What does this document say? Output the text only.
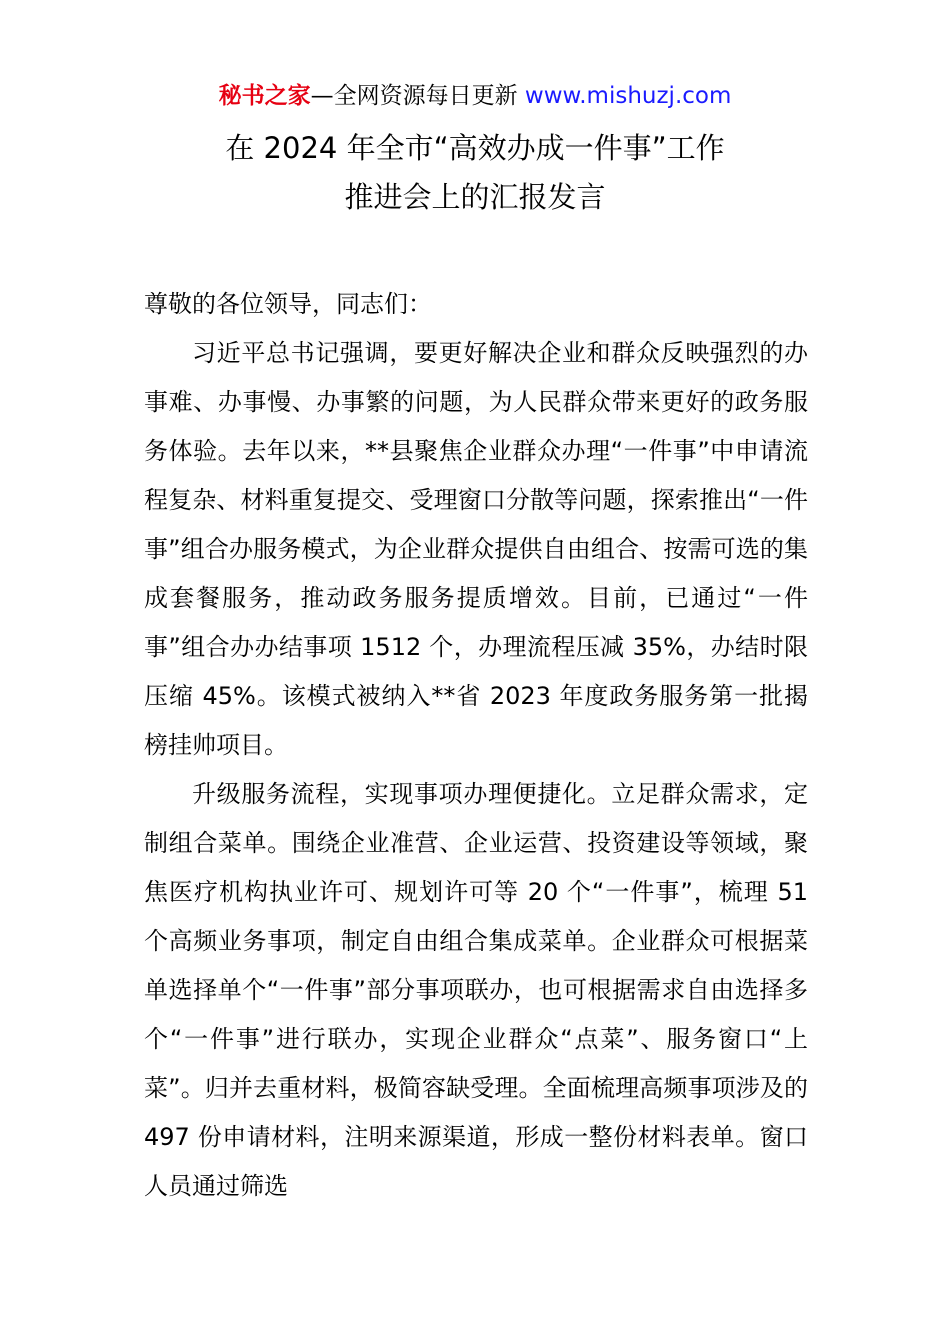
秘书之家—全网资源每日更新 www.mishuzj.com
在 2024 年全市“高效办成一件事”工作
推进会上的汇报发言

尊敬的各位领导，同志们：

习近平总书记强调，要更好解决企业和群众反映强烈的办事难、办事慢、办事繁的问题，为人民群众带来更好的政务服务体验。去年以来，**县聚焦企业群众办理“一件事”中申请流程复杂、材料重复提交、受理窗口分散等问题，探索推出“一件事”组合办服务模式，为企业群众提供自由组合、按需可选的集成套餐服务，推动政务服务提质增效。目前，已通过“一件事”组合办办结事项 1512 个，办理流程压减 35%，办结时限压缩 45%。该模式被纳入**省 2023 年度政务服务第一批揭榜挂帅项目。

升级服务流程，实现事项办理便捷化。立足群众需求，定制组合菜单。围绕企业准营、企业运营、投资建设等领域，聚焦医疗机构执业许可、规划许可等 20 个“一件事”，梳理 51 个高频业务事项，制定自由组合集成菜单。企业群众可根据菜单选择单个“一件事”部分事项联办，也可根据需求自由选择多个“一件事”进行联办，实现企业群众“点菜”、服务窗口“上菜”。归并去重材料，极简容缺受理。全面梳理高频事项涉及的 497 份申请材料，注明来源渠道，形成一整份材料表单。窗口人员通过筛选
